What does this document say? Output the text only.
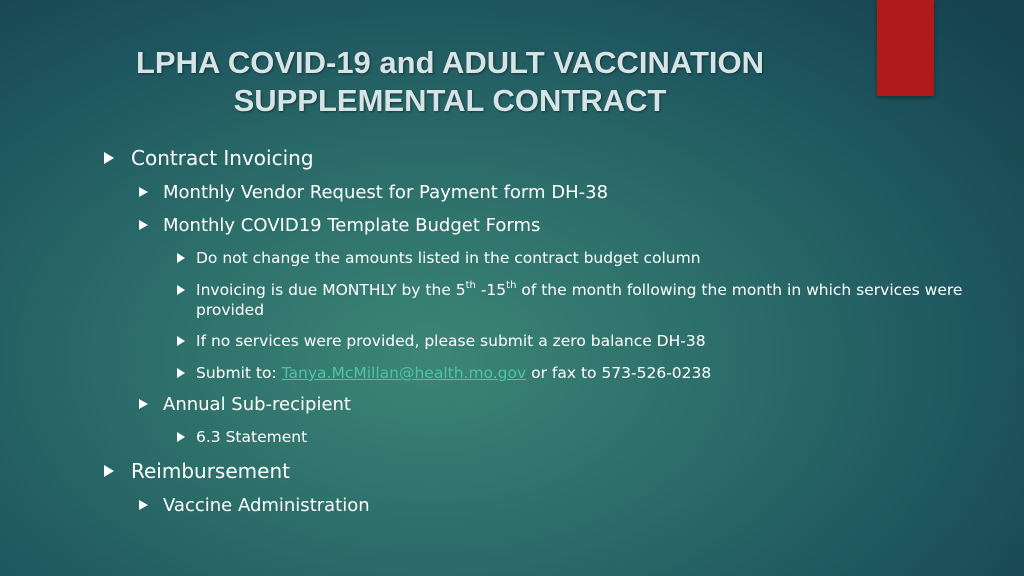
LPHA COVID-19 and ADULT VACCINATION
SUPPLEMENTAL CONTRACT
Contract Invoicing
Monthly Vendor Request for Payment form DH-38
Monthly COVID19 Template Budget Forms
Do not change the amounts listed in the contract budget column
Invoicing is due MONTHLY by the 5th -15th of the month following the month in which services were provided
If no services were provided, please submit a zero balance DH-38
Submit to: Tanya.McMillan@health.mo.gov or fax to 573-526-0238
Annual Sub-recipient
6.3 Statement
Reimbursement
Vaccine Administration
